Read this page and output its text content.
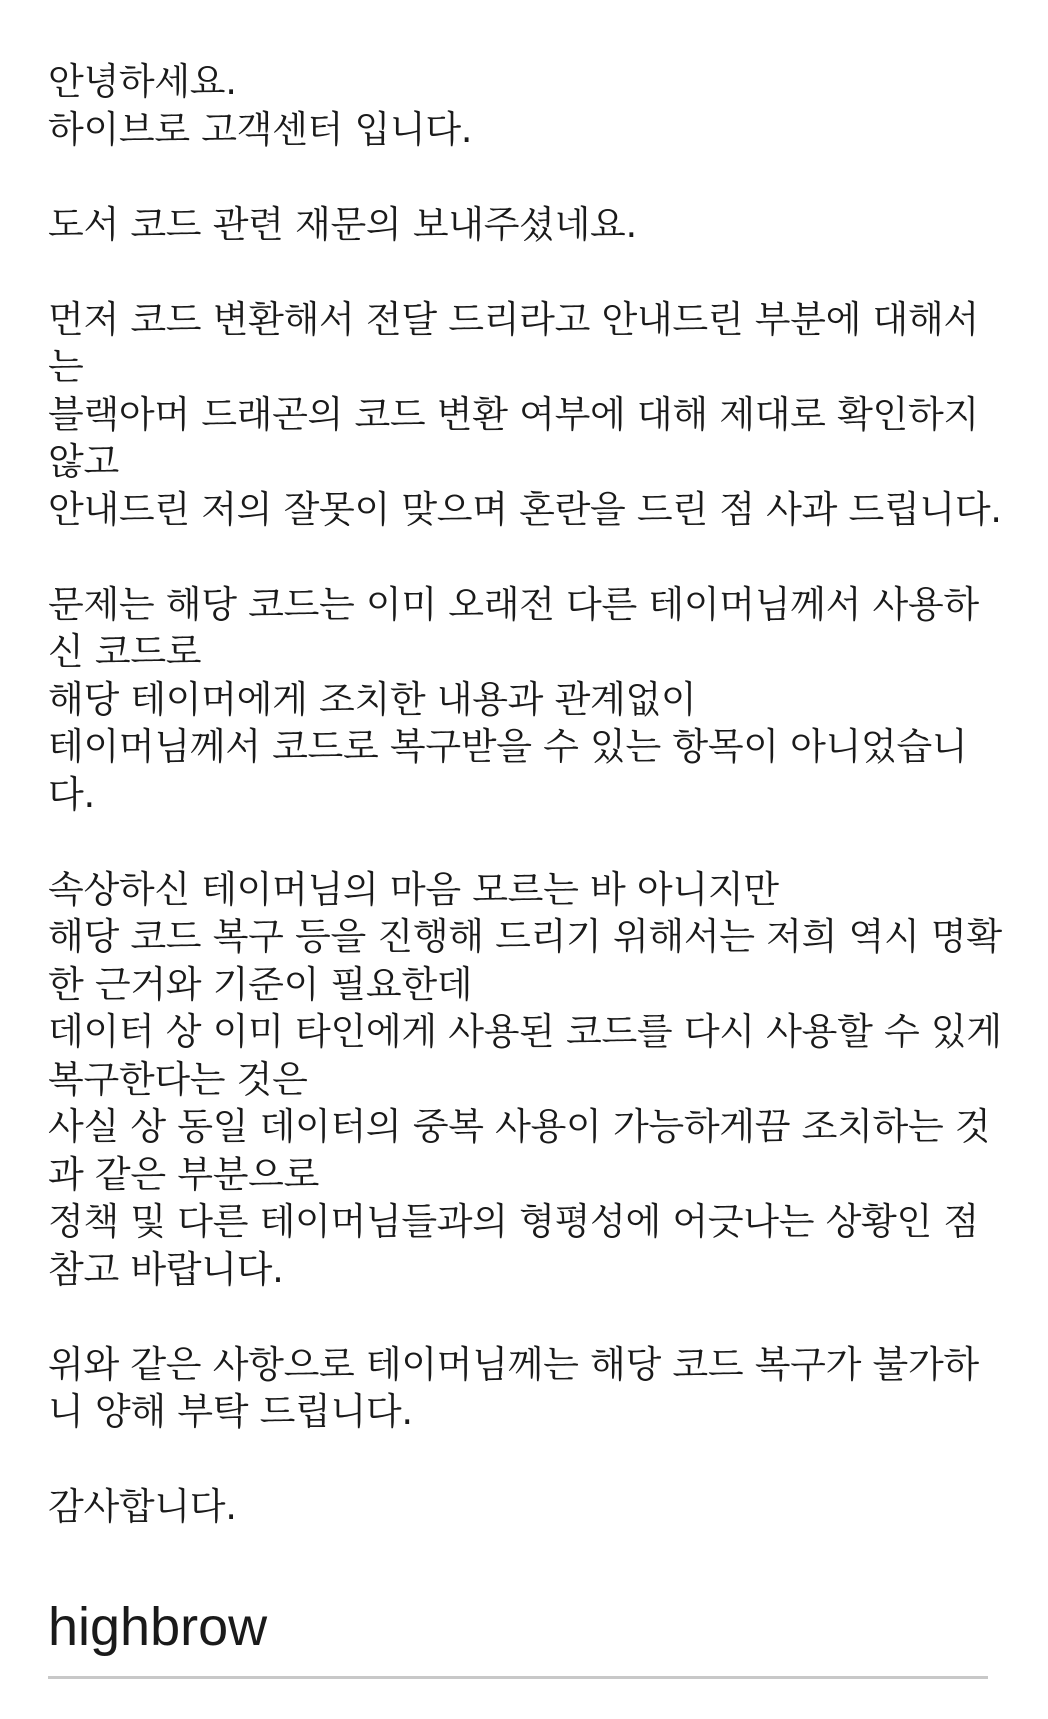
안녕하세요.
하이브로 고객센터 입니다.
도서 코드 관련 재문의 보내주셨네요.
먼저 코드 변환해서 전달 드리라고 안내드린 부분에 대해서
는
블랙아머 드래곤의 코드 변환 여부에 대해 제대로 확인하지
않고
안내드린 저의 잘못이 맞으며 혼란을 드린 점 사과 드립니다.
문제는 해당 코드는 이미 오래전 다른 테이머님께서 사용하
신 코드로
해당 테이머에게 조치한 내용과 관계없이
테이머님께서 코드로 복구받을 수 있는 항목이 아니었습니
다.
속상하신 테이머님의 마음 모르는 바 아니지만
해당 코드 복구 등을 진행해 드리기 위해서는 저희 역시 명확
한 근거와 기준이 필요한데
데이터 상 이미 타인에게 사용된 코드를 다시 사용할 수 있게
복구한다는 것은
사실 상 동일 데이터의 중복 사용이 가능하게끔 조치하는 것
과 같은 부분으로
정책 및 다른 테이머님들과의 형평성에 어긋나는 상황인 점
참고 바랍니다.
위와 같은 사항으로 테이머님께는 해당 코드 복구가 불가하
니 양해 부탁 드립니다.
감사합니다.
highbrow
